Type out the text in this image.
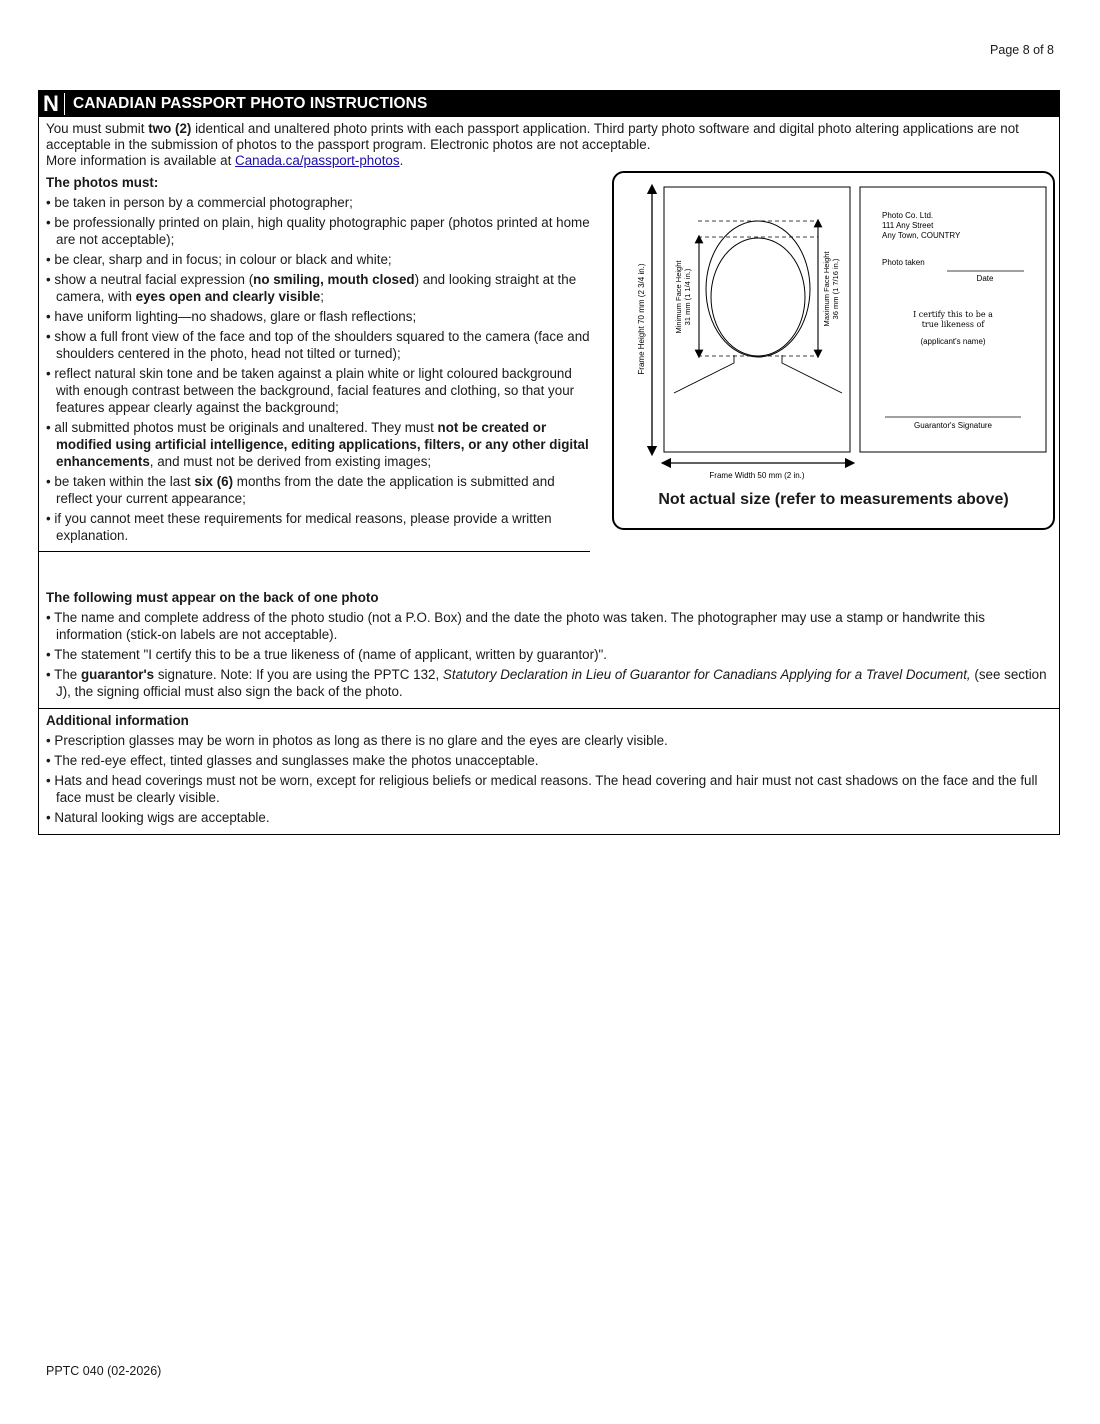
Page 8 of 8
N CANADIAN PASSPORT PHOTO INSTRUCTIONS
You must submit two (2) identical and unaltered photo prints with each passport application. Third party photo software and digital photo altering applications are not acceptable in the submission of photos to the passport program. Electronic photos are not acceptable.
More information is available at Canada.ca/passport-photos.
The photos must:
• be taken in person by a commercial photographer;
• be professionally printed on plain, high quality photographic paper (photos printed at home are not acceptable);
• be clear, sharp and in focus; in colour or black and white;
• show a neutral facial expression (no smiling, mouth closed) and looking straight at the camera, with eyes open and clearly visible;
• have uniform lighting—no shadows, glare or flash reflections;
• show a full front view of the face and top of the shoulders squared to the camera (face and shoulders centered in the photo, head not tilted or turned);
• reflect natural skin tone and be taken against a plain white or light coloured background with enough contrast between the background, facial features and clothing, so that your features appear clearly against the background;
• all submitted photos must be originals and unaltered. They must not be created or modified using artificial intelligence, editing applications, filters, or any other digital enhancements, and must not be derived from existing images;
• be taken within the last six (6) months from the date the application is submitted and reflect your current appearance;
• if you cannot meet these requirements for medical reasons, please provide a written explanation.
Frame Height 70 mm (2 3/4 in.)	Minimum Face Height 31 mm (1 1/4 in.)	Maximum Face Height 36 mm (1 7/16 in.)
Frame Width 50 mm (2 in.)
Photo Co. Ltd.
111 Any Street
Any Town, COUNTRY
Photo taken
Date
I certify this to be a
true likeness of
(applicant's name)
Guarantor's Signature
Not actual size (refer to measurements above)
The following must appear on the back of one photo
• The name and complete address of the photo studio (not a P.O. Box) and the date the photo was taken. The photographer may use a stamp or handwrite this information (stick-on labels are not acceptable).
• The statement "I certify this to be a true likeness of (name of applicant, written by guarantor)".
• The guarantor's signature. Note: If you are using the PPTC 132, Statutory Declaration in Lieu of Guarantor for Canadians Applying for a Travel Document, (see section J), the signing official must also sign the back of the photo.
Additional information
• Prescription glasses may be worn in photos as long as there is no glare and the eyes are clearly visible.
• The red-eye effect, tinted glasses and sunglasses make the photos unacceptable.
• Hats and head coverings must not be worn, except for religious beliefs or medical reasons. The head covering and hair must not cast shadows on the face and the full face must be clearly visible.
• Natural looking wigs are acceptable.
PPTC 040 (02-2026)
